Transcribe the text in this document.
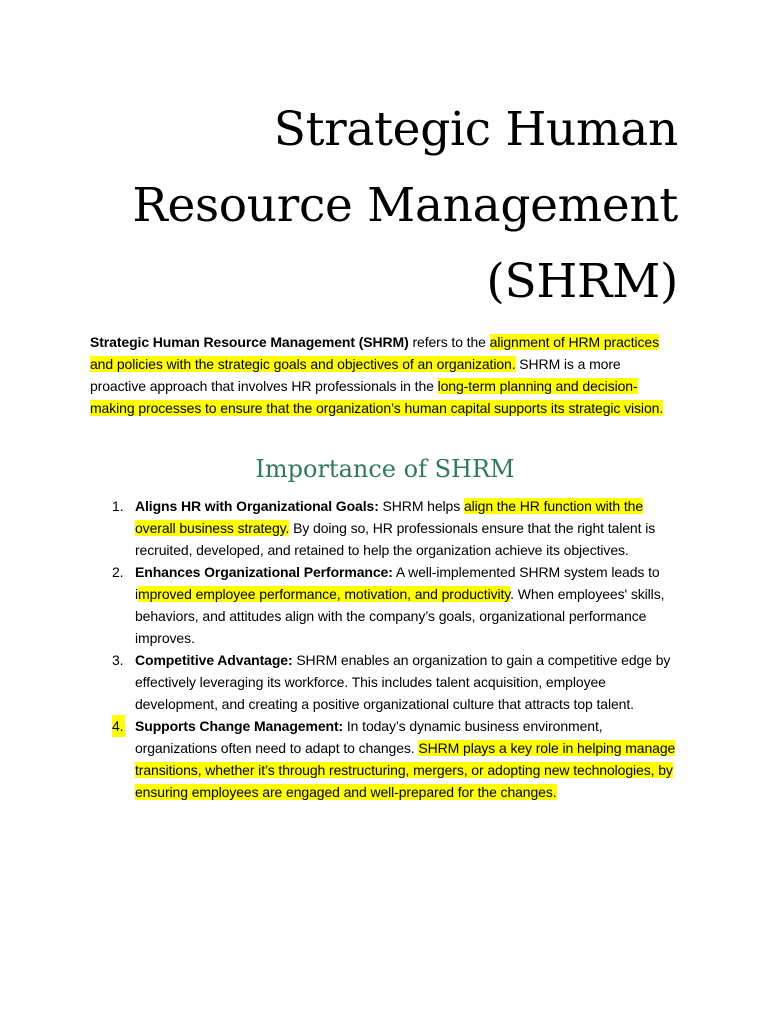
Strategic Human
Resource Management
(SHRM)

Strategic Human Resource Management (SHRM) refers to the alignment of HRM practices and policies with the strategic goals and objectives of an organization. SHRM is a more proactive approach that involves HR professionals in the long-term planning and decision-making processes to ensure that the organization’s human capital supports its strategic vision.

Importance of SHRM
1. Aligns HR with Organizational Goals: SHRM helps align the HR function with the overall business strategy. By doing so, HR professionals ensure that the right talent is recruited, developed, and retained to help the organization achieve its objectives.
2. Enhances Organizational Performance: A well-implemented SHRM system leads to improved employee performance, motivation, and productivity. When employees' skills, behaviors, and attitudes align with the company’s goals, organizational performance improves.
3. Competitive Advantage: SHRM enables an organization to gain a competitive edge by effectively leveraging its workforce. This includes talent acquisition, employee development, and creating a positive organizational culture that attracts top talent.
4. Supports Change Management: In today’s dynamic business environment, organizations often need to adapt to changes. SHRM plays a key role in helping manage transitions, whether it’s through restructuring, mergers, or adopting new technologies, by ensuring employees are engaged and well-prepared for the changes.
